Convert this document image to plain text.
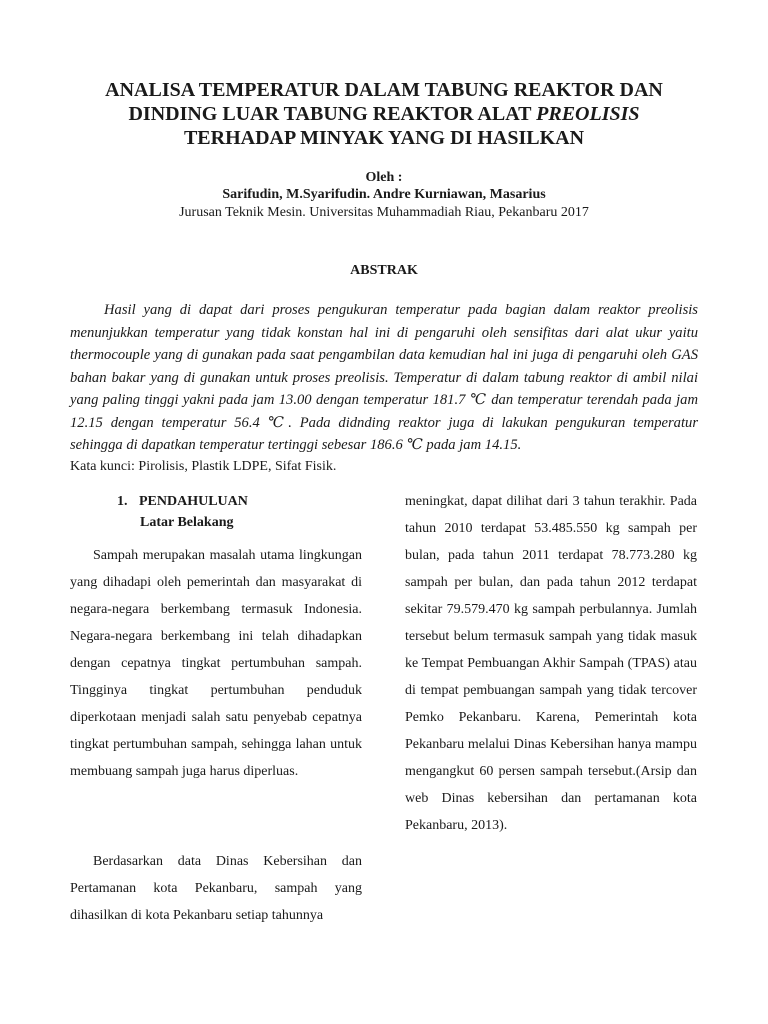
ANALISA TEMPERATUR DALAM TABUNG REAKTOR DAN
DINDING LUAR TABUNG REAKTOR ALAT PREOLISIS
TERHADAP MINYAK YANG DI HASILKAN
Oleh :
Sarifudin, M.Syarifudin. Andre Kurniawan, Masarius
Jurusan Teknik Mesin. Universitas Muhammadiah Riau, Pekanbaru 2017
ABSTRAK
Hasil yang di dapat dari proses pengukuran temperatur pada bagian dalam reaktor preolisis menunjukkan temperatur yang tidak konstan hal ini di pengaruhi oleh sensifitas dari alat ukur yaitu thermocouple yang di gunakan pada saat pengambilan data kemudian hal ini juga di pengaruhi oleh GAS bahan bakar yang di gunakan untuk proses preolisis. Temperatur di dalam tabung reaktor di ambil nilai yang paling tinggi yakni pada jam 13.00 dengan temperatur 181.7 ℃ dan temperatur terendah pada jam 12.15 dengan temperatur 56.4 ℃. Pada didnding reaktor juga di lakukan pengukuran temperatur sehingga di dapatkan temperatur tertinggi sebesar 186.6 ℃ pada jam 14.15.
Kata kunci: Pirolisis, Plastik LDPE, Sifat Fisik.
1. PENDAHULUAN
Latar Belakang

Sampah merupakan masalah utama lingkungan yang dihadapi oleh pemerintah dan masyarakat di negara-negara berkembang termasuk Indonesia. Negara-negara berkembang ini telah dihadapkan dengan cepatnya tingkat pertumbuhan sampah. Tingginya tingkat pertumbuhan penduduk diperkotaan menjadi salah satu penyebab cepatnya tingkat pertumbuhan sampah, sehingga lahan untuk membuang sampah juga harus diperluas.

Berdasarkan data Dinas Kebersihan dan Pertamanan kota Pekanbaru, sampah yang dihasilkan di kota Pekanbaru setiap tahunnya

meningkat, dapat dilihat dari 3 tahun terakhir. Pada tahun 2010 terdapat 53.485.550 kg sampah per bulan, pada tahun 2011 terdapat 78.773.280 kg sampah per bulan, dan pada tahun 2012 terdapat sekitar 79.579.470 kg sampah perbulannya. Jumlah tersebut belum termasuk sampah yang tidak masuk ke Tempat Pembuangan Akhir Sampah (TPAS) atau di tempat pembuangan sampah yang tidak tercover Pemko Pekanbaru. Karena, Pemerintah kota Pekanbaru melalui Dinas Kebersihan hanya mampu mengangkut 60 persen sampah tersebut.(Arsip dan web Dinas kebersihan dan pertamanan kota Pekanbaru, 2013).
